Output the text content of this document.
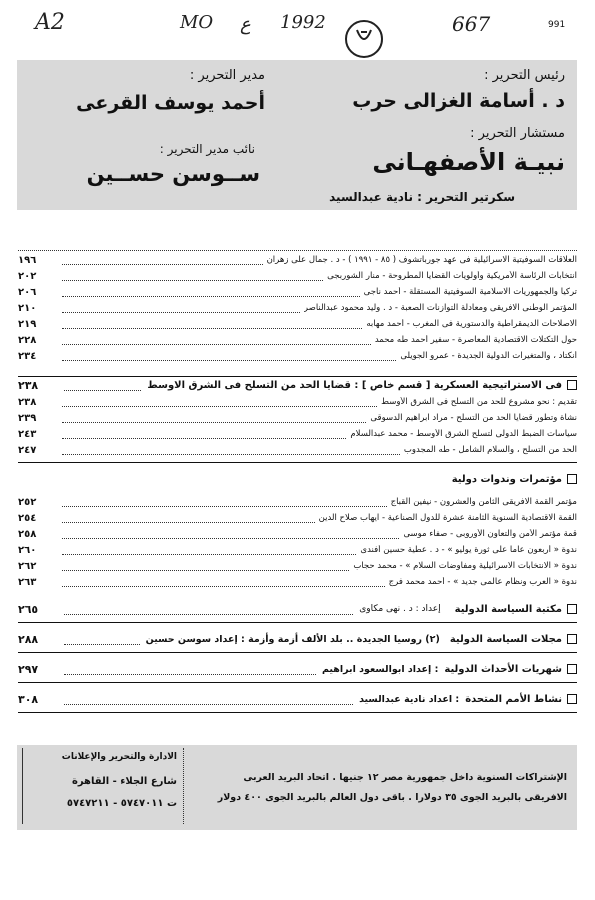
A2	MO ع 1992	667	991
رئيس التحرير :
د . أسامة الغزالى حرب
مدير التحرير :
أحمد يوسف القرعى
مستشار التحرير :
نبيـة الأصفهـانى
نائب مدير التحرير :
ســوسن حســين
سكرتير التحرير : نادية عبدالسيد
العلاقات السوفيتية الاسرائيلية فى عهد جورباتشوف ( ٨٥ - ١٩٩١ ) - د . جمال على زهران
١٩٦
انتخابات الرئاسة الأمريكية وأولويات القضايا المطروحة - منار الشوربجى
٢٠٢
تركيا والجمهوريات الاسلامية السوفيتية المستقلة - أحمد ناجى
٢٠٦
المؤتمر الوطنى الافريقى ومعادلة التوازنات الصعبة - د . وليد محمود عبدالناصر
٢١٠
الاصلاحات الديمقراطية والدستورية فى المغرب - أحمد مهابه
٢١٩
حول التكتلات الاقتصادية المعاصرة - سفير أحمد طه محمد
٢٢٨
أنكتاد ، والمتغيرات الدولية الجديدة - عمرو الجويلى
٢٣٤
فى الاستراتيجية العسكرية [ قسم خاص ] : قضايا الحد من التسلح فى الشرق الاوسط
٢٣٨
تقديم : نحو مشروع للحد من التسلح فى الشرق الأوسط
٢٣٨
نشأة وتطور قضايا الحد من التسلح - مراد ابراهيم الدسوقى
٢٣٩
سياسات الضبط الدولى لتسلح الشرق الأوسط - محمد عبدالسلام
٢٤٣
الحد من التسلح ، والسلام الشامل - طه المجدوب
٢٤٧
مؤتمرات وندوات دولية
مؤتمر القمة الافريقى الثامن والعشرون - نيفين القباج
٢٥٢
القمة الاقتصادية السنوية الثامنة عشرة للدول الصناعية - ايهاب صلاح الدين
٢٥٤
قمة مؤتمر الأمن والتعاون الأوروبى - صفاء موسى
٢٥٨
ندوة « أربعون عاما على ثورة يوليو » - د . عطية حسين أفندى
٢٦٠
ندوة « الانتخابات الاسرائيلية ومفاوضات السلام » - محمد حجاب
٢٦٢
ندوة « العرب ونظام عالمى جديد » - أحمد محمد فرج
٢٦٣
مكتبة السياسة الدولية
إعداد : د . نهى مكاوى
٢٦٥
مجلات السياسة الدولية
(٢) روسيا الجديدة .. بلد الألف أزمة وأزمة : إعداد سوسن حسين
٢٨٨
شهريات الأحداث الدولية
: إعداد ابوالسعود ابراهيم
٢٩٧
نشاط الأمم المتحدة
: اعداد نادية عبدالسيد
٣٠٨
الادارة والتحرير والإعلانات
شارع الجلاء - القاهرة
ت ٥٧٤٧٠١١ - ٥٧٤٧٢١١
الإشتراكات السنوية داخل جمهورية مصر ١٢ جنيها . اتحاد البريد العربى
الافريقى بالبريد الجوى ٣٥ دولارا . باقى دول العالم بالبريد الجوى ٤٠٠ دولار
